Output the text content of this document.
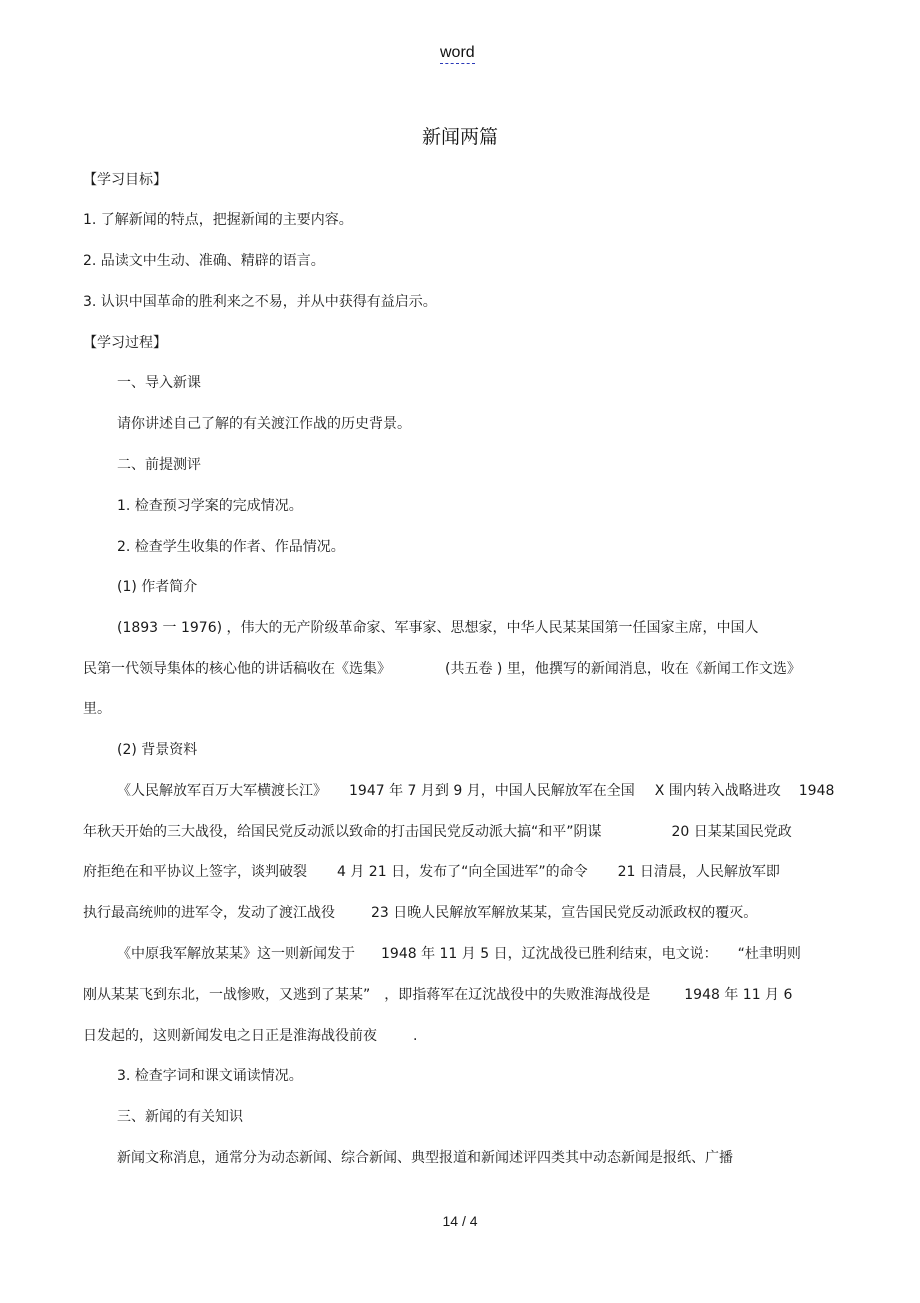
word
新闻两篇

【学习目标】

1. 了解新闻的特点，把握新闻的主要内容。

2. 品读文中生动、准确、精辟的语言。

3. 认识中国革命的胜利来之不易，并从中获得有益启示。

【学习过程】

一、导入新课

请你讲述自己了解的有关渡江作战的历史背景。

二、前提测评

1. 检查预习学案的完成情况。

2. 检查学生收集的作者、作品情况。

(1) 作者简介

(1893 一 1976) ，伟大的无产阶级革命家、军事家、思想家，中华人民某某国第一任国家主席，中国人

民第一代领导集体的核心他的讲话稿收在《选集》	(共五卷 ) 里，他撰写的新闻消息，收在《新闻工作文选》

里。

(2) 背景资料

《人民解放军百万大军横渡长江》 1947 年 7 月到 9 月，中国人民解放军在全国 X 围内转入战略进攻 1948

年秋天开始的三大战役，给国民党反动派以致命的打击国民党反动派大搞“和平”阴谋	20 日某某国民党政

府拒绝在和平协议上签字，谈判破裂 4 月 21 日，发布了“向全国进军”的命令 21 日清晨，人民解放军即

执行最高统帅的进军令，发动了渡江战役	23 日晚人民解放军解放某某，宣告国民党反动派政权的覆灭。

《中原我军解放某某》这一则新闻发于 1948 年 11 月 5 日，辽沈战役已胜利结束，电文说： “杜聿明则

刚从某某飞到东北，一战惨败，又逃到了某某” ，即指蒋军在辽沈战役中的失败淮海战役是 1948 年 11 月 6

日发起的，这则新闻发电之日正是淮海战役前夜	.

3. 检查字词和课文诵读情况。

三、新闻的有关知识

新闻文称消息，通常分为动态新闻、综合新闻、典型报道和新闻述评四类其中动态新闻是报纸、广播

14 / 4
